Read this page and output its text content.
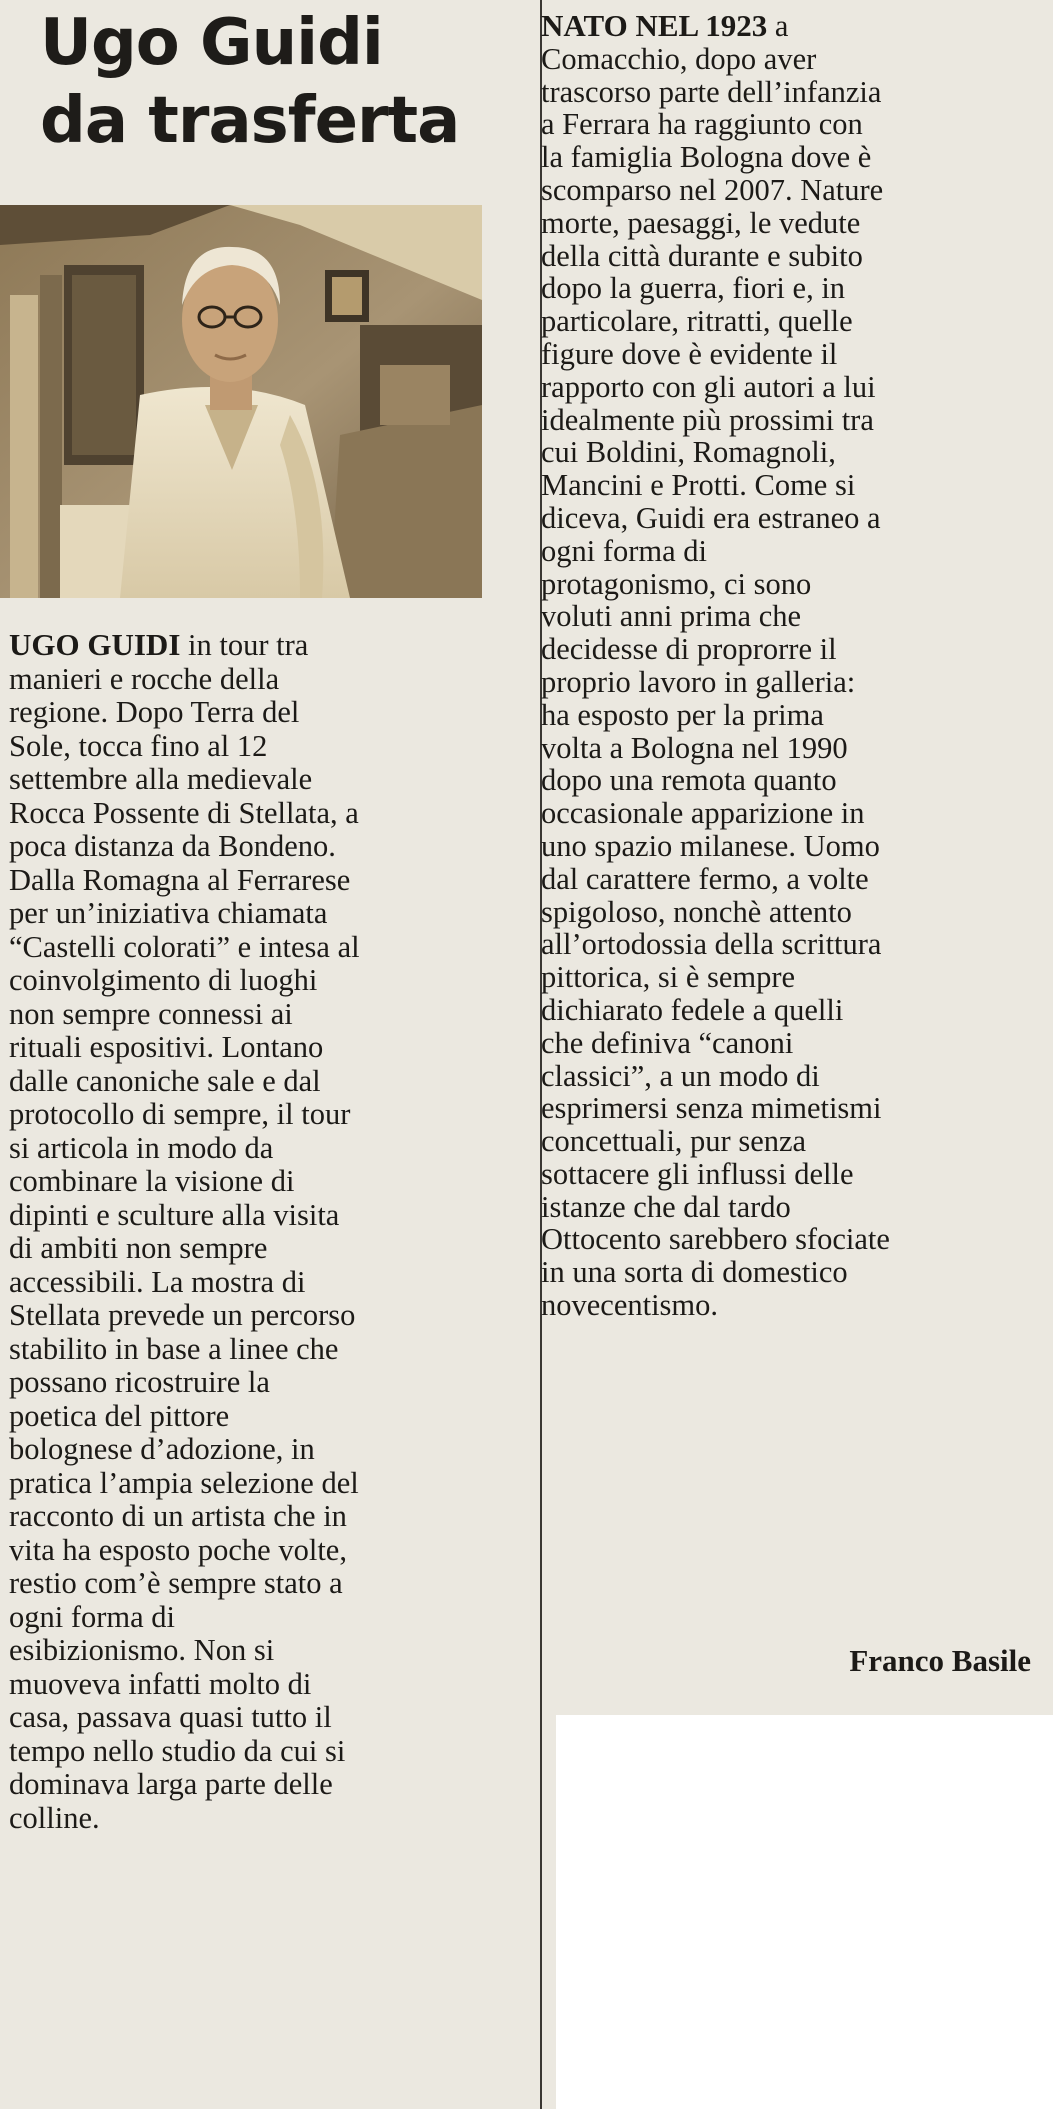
Ugo Guidi
da trasferta

UGO GUIDI in tour tra
manieri e rocche della
regione. Dopo Terra del
Sole, tocca fino al 12
settembre alla medievale
Rocca Possente di Stellata, a
poca distanza da Bondeno.
Dalla Romagna al Ferrarese
per un’iniziativa chiamata
“Castelli colorati” e intesa al
coinvolgimento di luoghi
non sempre connessi ai
rituali espositivi. Lontano
dalle canoniche sale e dal
protocollo di sempre, il tour
si articola in modo da
combinare la visione di
dipinti e sculture alla visita
di ambiti non sempre
accessibili. La mostra di
Stellata prevede un percorso
stabilito in base a linee che
possano ricostruire la
poetica del pittore
bolognese d’adozione, in
pratica l’ampia selezione del
racconto di un artista che in
vita ha esposto poche volte,
restio com’è sempre stato a
ogni forma di
esibizionismo. Non si
muoveva infatti molto di
casa, passava quasi tutto il
tempo nello studio da cui si
dominava larga parte delle
colline.

NATO NEL 1923 a
Comacchio, dopo aver
trascorso parte dell’infanzia
a Ferrara ha raggiunto con
la famiglia Bologna dove è
scomparso nel 2007. Nature
morte, paesaggi, le vedute
della città durante e subito
dopo la guerra, fiori e, in
particolare, ritratti, quelle
figure dove è evidente il
rapporto con gli autori a lui
idealmente più prossimi tra
cui Boldini, Romagnoli,
Mancini e Protti. Come si
diceva, Guidi era estraneo a
ogni forma di
protagonismo, ci sono
voluti anni prima che
decidesse di proprorre il
proprio lavoro in galleria:
ha esposto per la prima
volta a Bologna nel 1990
dopo una remota quanto
occasionale apparizione in
uno spazio milanese. Uomo
dal carattere fermo, a volte
spigoloso, nonchè attento
all’ortodossia della scrittura
pittorica, si è sempre
dichiarato fedele a quelli
che definiva “canoni
classici”, a un modo di
esprimersi senza mimetismi
concettuali, pur senza
sottacere gli influssi delle
istanze che dal tardo
Ottocento sarebbero sfociate
in una sorta di domestico
novecentismo.

Franco Basile
